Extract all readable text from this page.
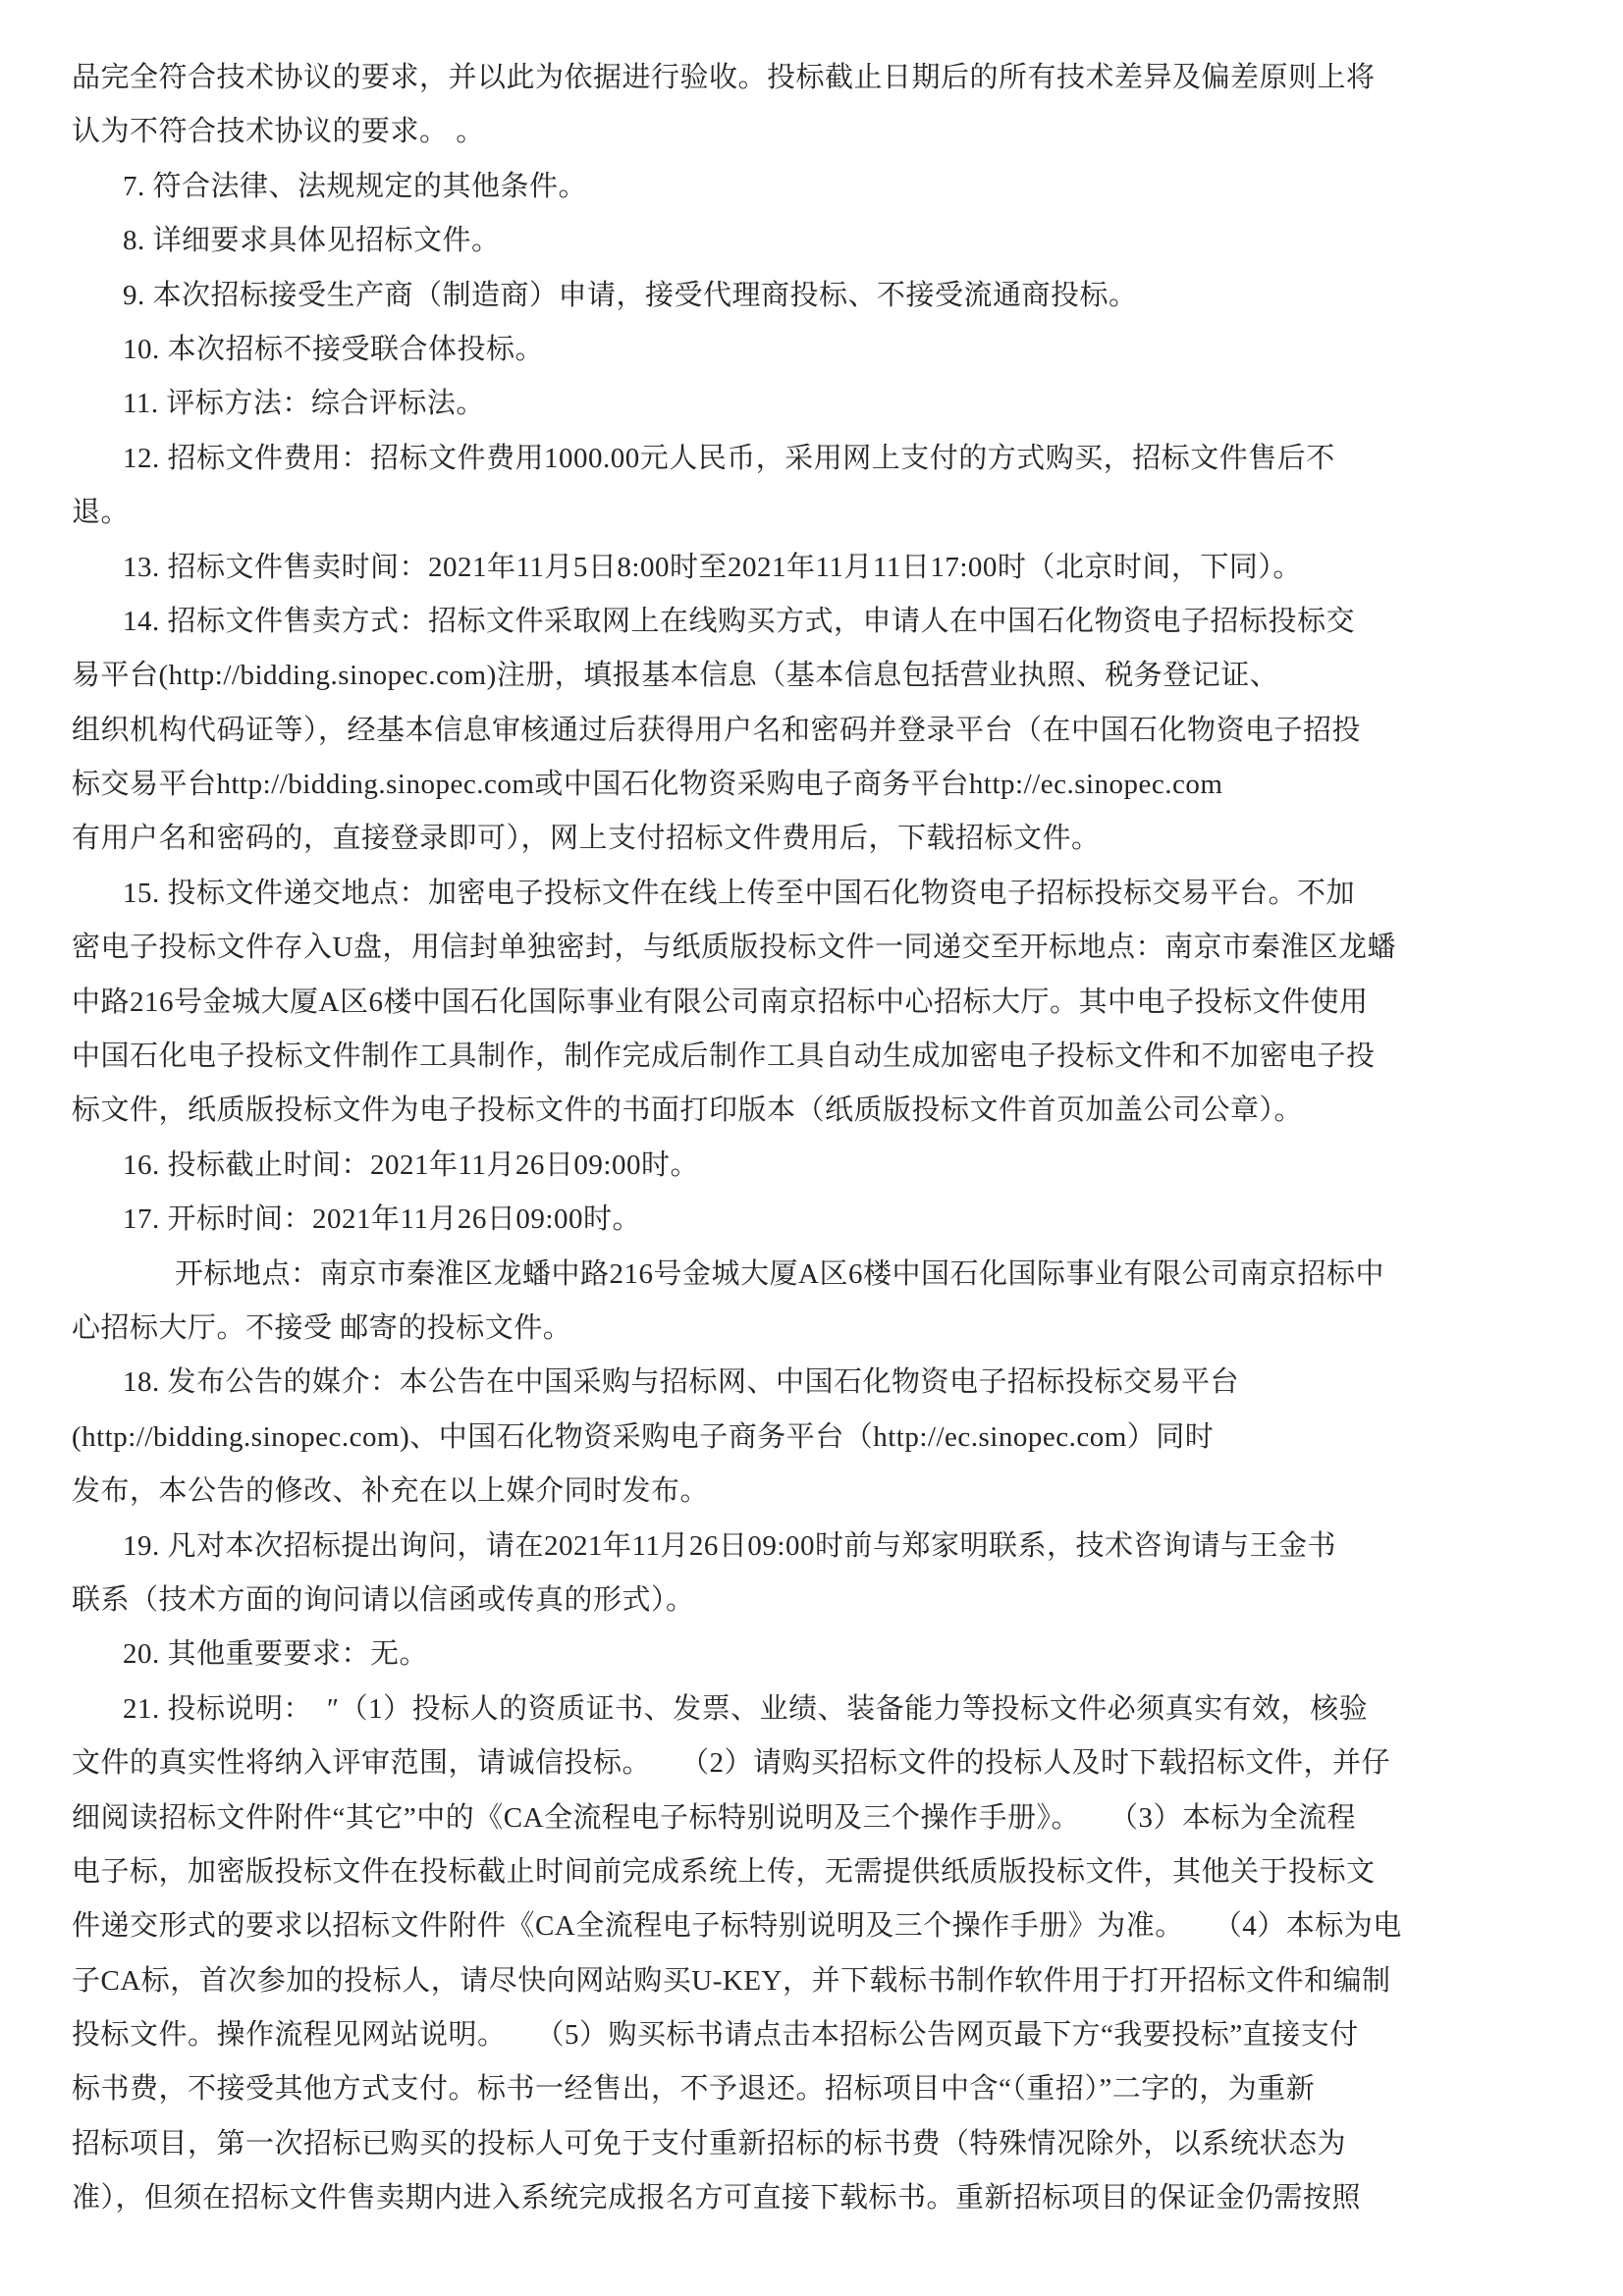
品完全符合技术协议的要求，并以此为依据进行验收。投标截止日期后的所有技术差异及偏差原则上将
认为不符合技术协议的要求。 。
7. 符合法律、法规规定的其他条件。
8. 详细要求具体见招标文件。
9. 本次招标接受生产商（制造商）申请，接受代理商投标、不接受流通商投标。
10. 本次招标不接受联合体投标。
11. 评标方法：综合评标法。
12. 招标文件费用：招标文件费用1000.00元人民币，采用网上支付的方式购买，招标文件售后不
退。
13. 招标文件售卖时间：2021年11月5日8:00时至2021年11月11日17:00时（北京时间，下同）。
14. 招标文件售卖方式：招标文件采取网上在线购买方式，申请人在中国石化物资电子招标投标交
易平台(http://bidding.sinopec.com)注册，填报基本信息（基本信息包括营业执照、税务登记证、
组织机构代码证等），经基本信息审核通过后获得用户名和密码并登录平台（在中国石化物资电子招投
标交易平台http://bidding.sinopec.com或中国石化物资采购电子商务平台http://ec.sinopec.com
有用户名和密码的，直接登录即可），网上支付招标文件费用后，下载招标文件。
15. 投标文件递交地点：加密电子投标文件在线上传至中国石化物资电子招标投标交易平台。不加
密电子投标文件存入U盘，用信封单独密封，与纸质版投标文件一同递交至开标地点：南京市秦淮区龙蟠
中路216号金城大厦A区6楼中国石化国际事业有限公司南京招标中心招标大厅。其中电子投标文件使用
中国石化电子投标文件制作工具制作，制作完成后制作工具自动生成加密电子投标文件和不加密电子投
标文件，纸质版投标文件为电子投标文件的书面打印版本（纸质版投标文件首页加盖公司公章）。
16. 投标截止时间：2021年11月26日09:00时。
17. 开标时间：2021年11月26日09:00时。
开标地点：南京市秦淮区龙蟠中路216号金城大厦A区6楼中国石化国际事业有限公司南京招标中
心招标大厅。不接受 邮寄的投标文件。
18. 发布公告的媒介：本公告在中国采购与招标网、中国石化物资电子招标投标交易平台
(http://bidding.sinopec.com)、中国石化物资采购电子商务平台（http://ec.sinopec.com）同时
发布，本公告的修改、补充在以上媒介同时发布。
19. 凡对本次招标提出询问，请在2021年11月26日09:00时前与郑家明联系，技术咨询请与王金书
联系（技术方面的询问请以信函或传真的形式）。
20. 其他重要要求：无。
21. 投标说明：　″（1）投标人的资质证书、发票、业绩、装备能力等投标文件必须真实有效，核验
文件的真实性将纳入评审范围，请诚信投标。　　（2）请购买招标文件的投标人及时下载招标文件，并仔
细阅读招标文件附件“其它”中的《CA全流程电子标特别说明及三个操作手册》。　　（3）本标为全流程
电子标，加密版投标文件在投标截止时间前完成系统上传，无需提供纸质版投标文件，其他关于投标文
件递交形式的要求以招标文件附件《CA全流程电子标特别说明及三个操作手册》为准。　　（4）本标为电
子CA标，首次参加的投标人，请尽快向网站购买U-KEY，并下载标书制作软件用于打开招标文件和编制
投标文件。操作流程见网站说明。　　（5）购买标书请点击本招标公告网页最下方“我要投标”直接支付
标书费，不接受其他方式支付。标书一经售出，不予退还。招标项目中含“（重招）”二字的，为重新
招标项目，第一次招标已购买的投标人可免于支付重新招标的标书费（特殊情况除外，以系统状态为
准），但须在招标文件售卖期内进入系统完成报名方可直接下载标书。重新招标项目的保证金仍需按照
